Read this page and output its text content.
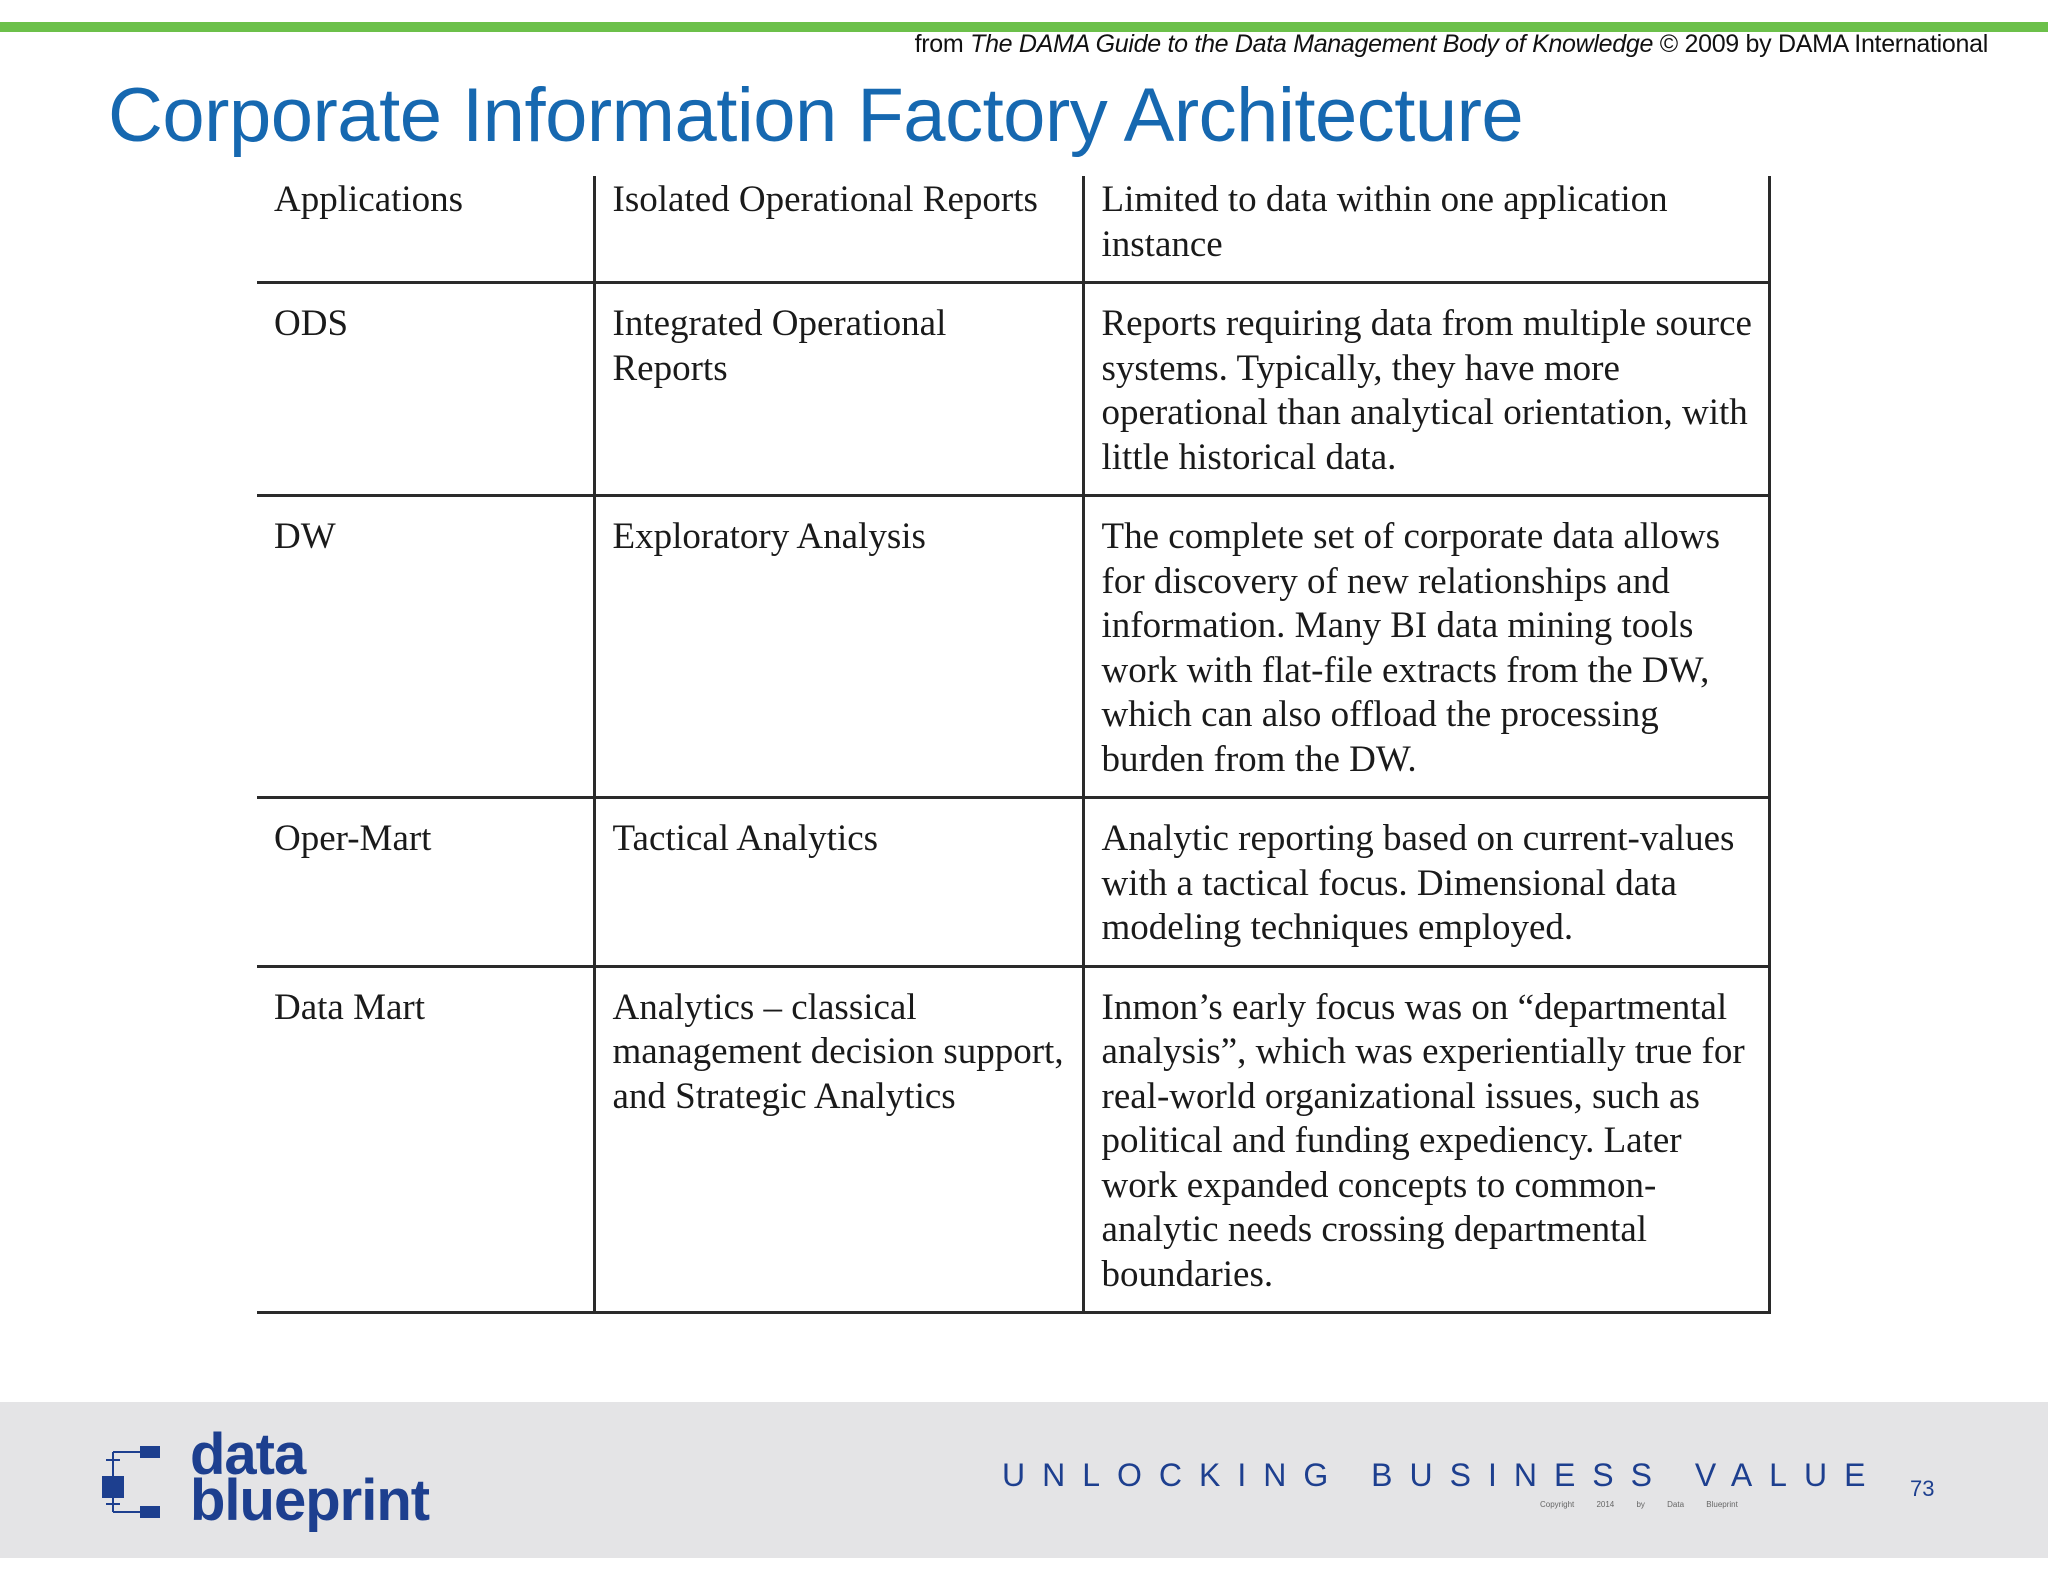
from The DAMA Guide to the Data Management Body of Knowledge © 2009 by DAMA International
Corporate Information Factory Architecture
Applications	Isolated Operational Reports	Limited to data within one application instance
ODS	Integrated Operational Reports	Reports requiring data from multiple source systems. Typically, they have more operational than analytical orientation, with little historical data.
DW	Exploratory Analysis	The complete set of corporate data allows for discovery of new relationships and information. Many BI data mining tools work with flat-file extracts from the DW, which can also offload the processing burden from the DW.
Oper-Mart	Tactical Analytics	Analytic reporting based on current-values with a tactical focus. Dimensional data modeling techniques employed.
Data Mart	Analytics – classical management decision support, and Strategic Analytics	Inmon’s early focus was on “departmental analysis”, which was experientially true for real-world organizational issues, such as political and funding expediency. Later work expanded concepts to common-analytic needs crossing departmental boundaries.
data
blueprint	UNLOCKING BUSINESS VALUE
Copyright 2014 by Data Blueprint
73
